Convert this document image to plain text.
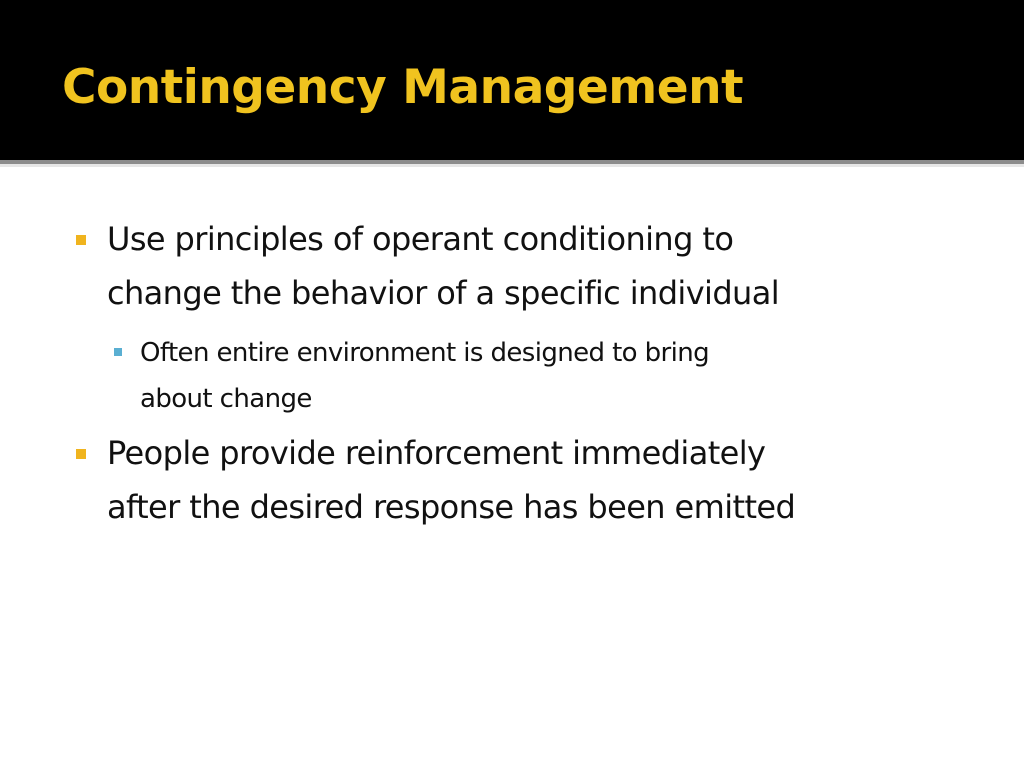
Contingency Management
Use principles of operant conditioning to
change the behavior of a specific individual
Often entire environment is designed to bring
about change
People provide reinforcement immediately
after the desired response has been emitted
